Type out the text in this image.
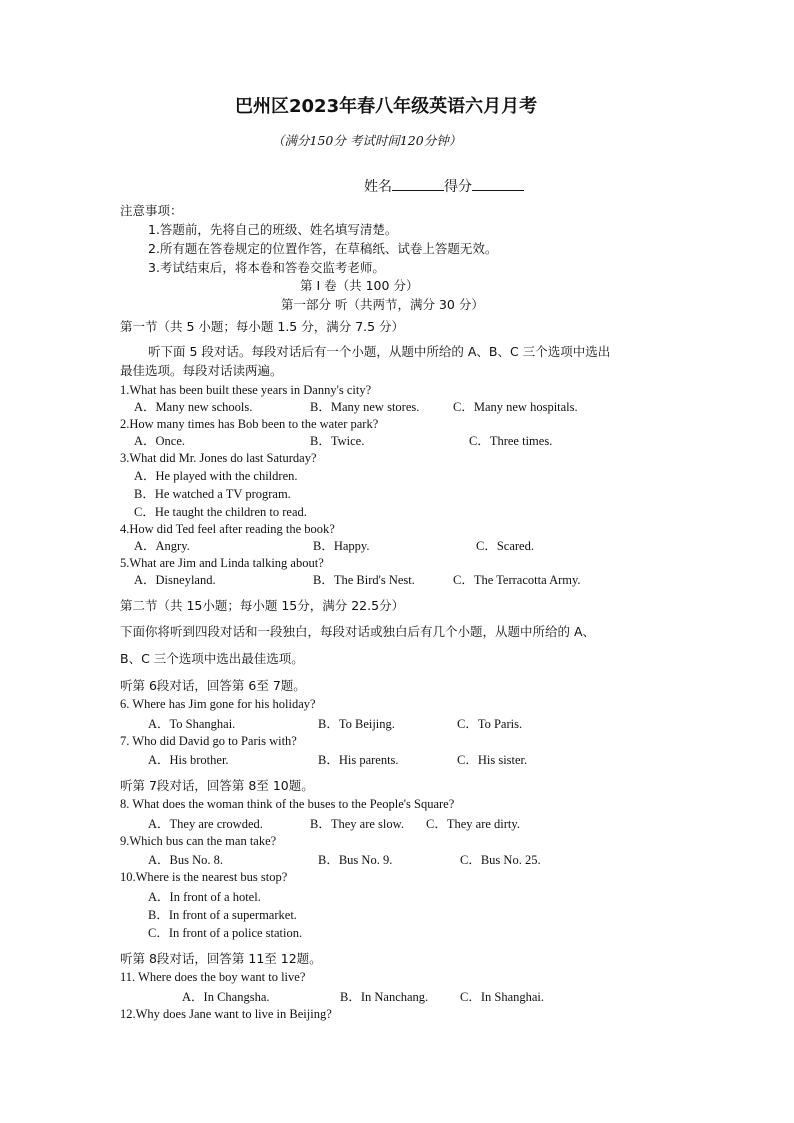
巴州区2023年春八年级英语六月月考
（满分150分 考试时间120分钟）
姓名	得分
注意事项：
1.答题前，先将自己的班级、姓名填写清楚。
2.所有题在答卷规定的位置作答，在草稿纸、试卷上答题无效。
3.考试结束后，将本卷和答卷交监考老师。
第 I 卷（共 100 分）
第一部分 听（共两节，满分 30 分）
第一节（共 5 小题；每小题 1.5 分，满分 7.5 分）
听下面 5 段对话。每段对话后有一个小题，从题中所给的 A、B、C 三个选项中选出
最佳选项。每段对话读两遍。
1.What has been built these years in Danny's city?
A．Many new schools.	B．Many new stores.	C．Many new hospitals.
2.How many times has Bob been to the water park?
A．Once.	B．Twice.	C．Three times.
3.What did Mr. Jones do last Saturday?
A．He played with the children.
B．He watched a TV program.
C．He taught the children to read.
4.How did Ted feel after reading the book?
A．Angry.	B．Happy.	C．Scared.
5.What are Jim and Linda talking about?
A．Disneyland.	B．The Bird's Nest.	C．The Terracotta Army.
第二节（共 15小题；每小题 15分，满分 22.5分）
下面你将听到四段对话和一段独白，每段对话或独白后有几个小题，从题中所给的 A、
B、C 三个选项中选出最佳选项。
听第 6段对话，回答第 6至 7题。
6. Where has Jim gone for his holiday?
A．To Shanghai.	B．To Beijing.	C．To Paris.
7. Who did David go to Paris with?
A．His brother.	B．His parents.	C．His sister.
听第 7段对话，回答第 8至 10题。
8. What does the woman think of the buses to the People's Square?
A．They are crowded.	B．They are slow. C．They are dirty.
9.Which bus can the man take?
A．Bus No. 8.	B．Bus No. 9.	C．Bus No. 25.
10.Where is the nearest bus stop?
A．In front of a hotel.
B．In front of a supermarket.
C．In front of a police station.
听第 8段对话，回答第 11至 12题。
11. Where does the boy want to live?
A．In Changsha.	B．In Nanchang.	C．In Shanghai.
12.Why does Jane want to live in Beijing?
